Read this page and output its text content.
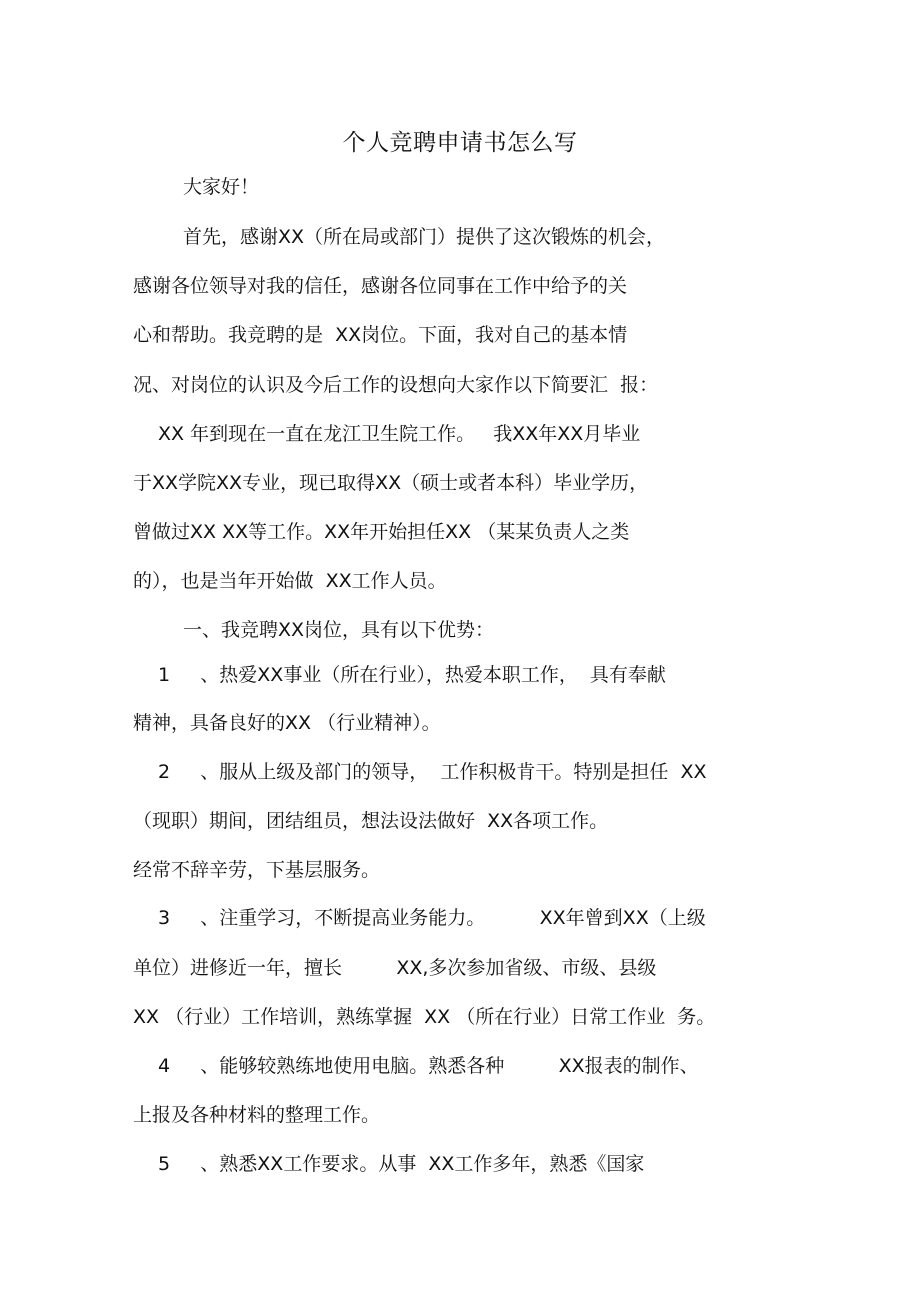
个人竞聘申请书怎么写
大家好！
首先，感谢XX（所在局或部门）提供了这次锻炼的机会，
感谢各位领导对我的信任，感谢各位同事在工作中给予的关
心和帮助。我竞聘的是  XX岗位。下面，我对自己的基本情
况、对岗位的认识及今后工作的设想向大家作以下简要汇  报：
XX 年到现在一直在龙江卫生院工作。   我XX年XX月毕业
于XX学院XX专业，现已取得XX（硕士或者本科）毕业学历，
曾做过XX XX等工作。XX年开始担任XX （某某负责人之类
的），也是当年开始做  XX工作人员。
一、我竞聘XX岗位，具有以下优势：
1     、热爱XX事业（所在行业），热爱本职工作，  具有奉献
精神，具备良好的XX （行业精神）。
2     、服从上级及部门的领导，  工作积极肯干。特别是担任  XX
（现职）期间，团结组员，想法设法做好  XX各项工作。
经常不辞辛劳，下基层服务。
3     、注重学习，不断提高业务能力。         XX年曾到XX（上级
单位）进修近一年，擅长         XX,多次参加省级、市级、县级
XX （行业）工作培训，熟练掌握  XX （所在行业）日常工作业  务。
4     、能够较熟练地使用电脑。熟悉各种         XX报表的制作、
上报及各种材料的整理工作。
5     、熟悉XX工作要求。从事  XX工作多年，熟悉《国家
